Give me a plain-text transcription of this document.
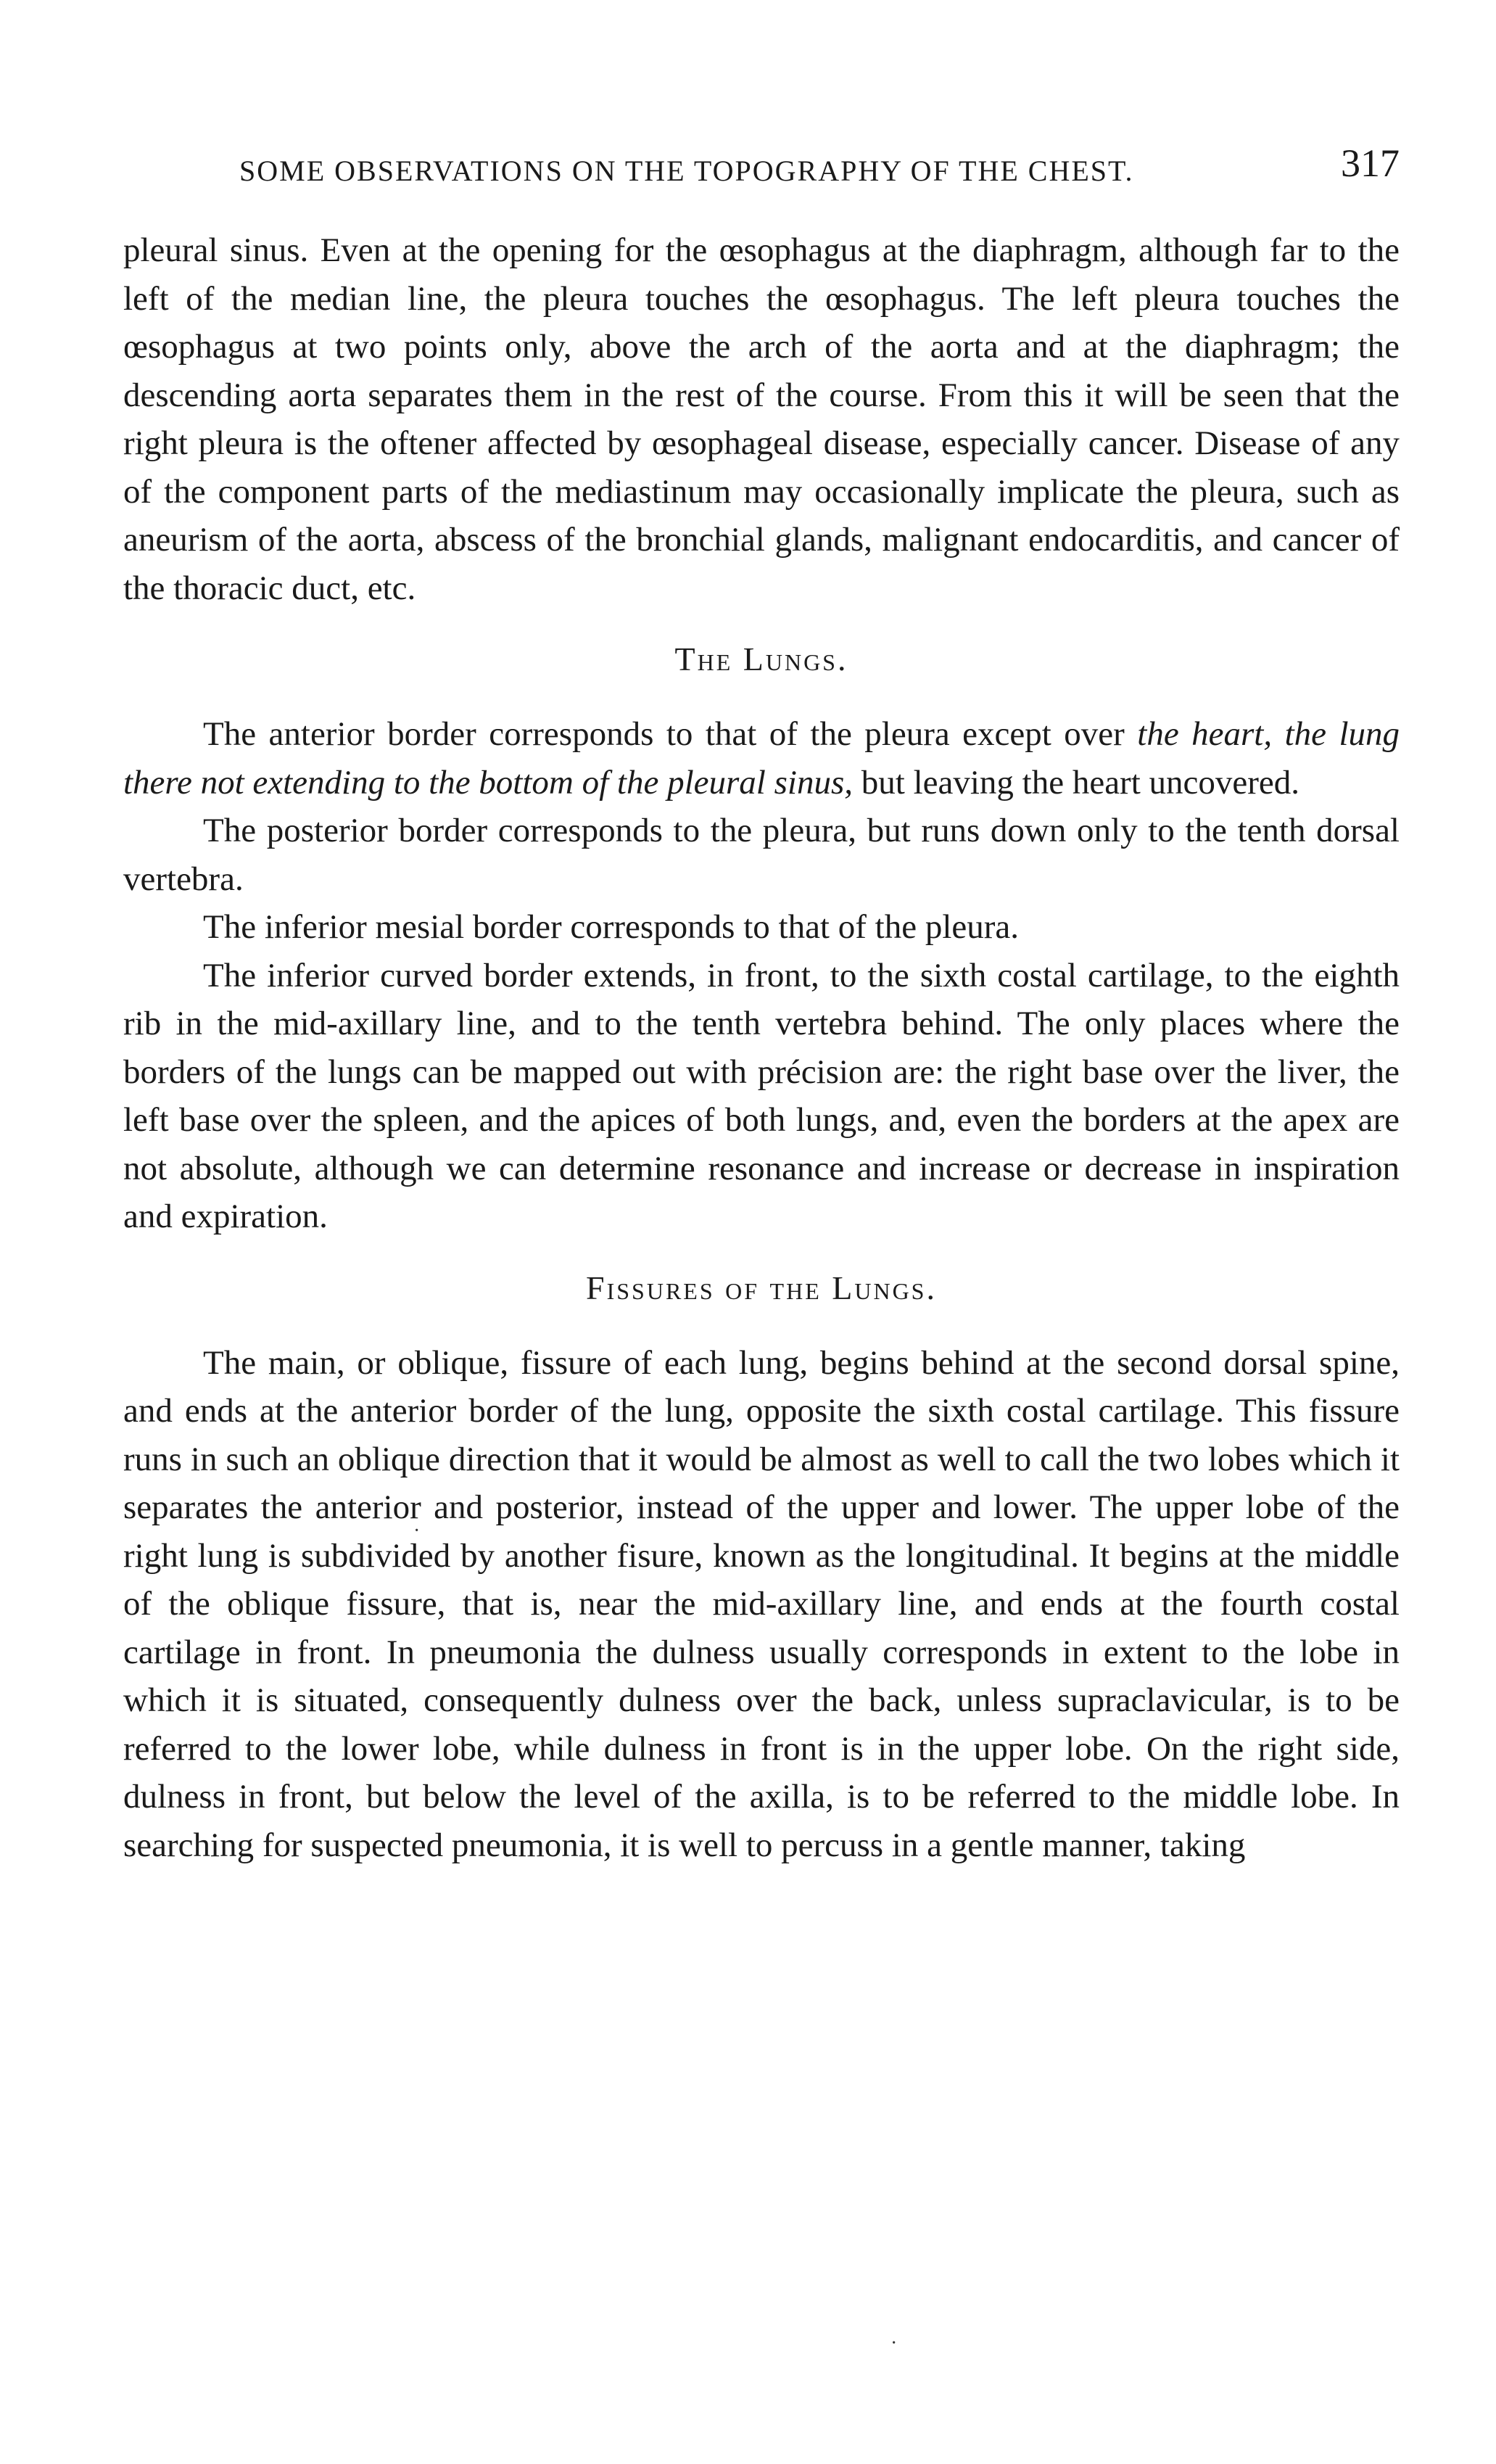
SOME OBSERVATIONS ON THE TOPOGRAPHY OF THE CHEST.	317

pleural sinus. Even at the opening for the œsophagus at the diaphragm, although far to the left of the median line, the pleura touches the œsophagus. The left pleura touches the œsophagus at two points only, above the arch of the aorta and at the diaphragm; the descending aorta separates them in the rest of the course. From this it will be seen that the right pleura is the oftener affected by œsophageal disease, especially cancer. Disease of any of the component parts of the mediastinum may occasionally implicate the pleura, such as aneurism of the aorta, abscess of the bronchial glands, malignant endocarditis, and cancer of the thoracic duct, etc.

The Lungs.

The anterior border corresponds to that of the pleura except over the heart, the lung there not extending to the bottom of the pleural sinus, but leaving the heart uncovered.

The posterior border corresponds to the pleura, but runs down only to the tenth dorsal vertebra.

The inferior mesial border corresponds to that of the pleura.

The inferior curved border extends, in front, to the sixth costal cartilage, to the eighth rib in the mid-axillary line, and to the tenth vertebra behind. The only places where the borders of the lungs can be mapped out with précision are: the right base over the liver, the left base over the spleen, and the apices of both lungs, and, even the borders at the apex are not absolute, although we can determine resonance and increase or decrease in inspiration and expiration.

Fissures of the Lungs.

The main, or oblique, fissure of each lung, begins behind at the second dorsal spine, and ends at the anterior border of the lung, opposite the sixth costal cartilage. This fissure runs in such an oblique direction that it would be almost as well to call the two lobes which it separates the anterior and posterior, instead of the upper and lower. The upper lobe of the right lung is subdivided by another fisure, known as the longitudinal. It begins at the middle of the oblique fissure, that is, near the mid-axillary line, and ends at the fourth costal cartilage in front. In pneumonia the dulness usually corresponds in extent to the lobe in which it is situated, consequently dulness over the back, unless supraclavicular, is to be referred to the lower lobe, while dulness in front is in the upper lobe. On the right side, dulness in front, but below the level of the axilla, is to be referred to the middle lobe. In searching for suspected pneumonia, it is well to percuss in a gentle manner, taking

·
·
